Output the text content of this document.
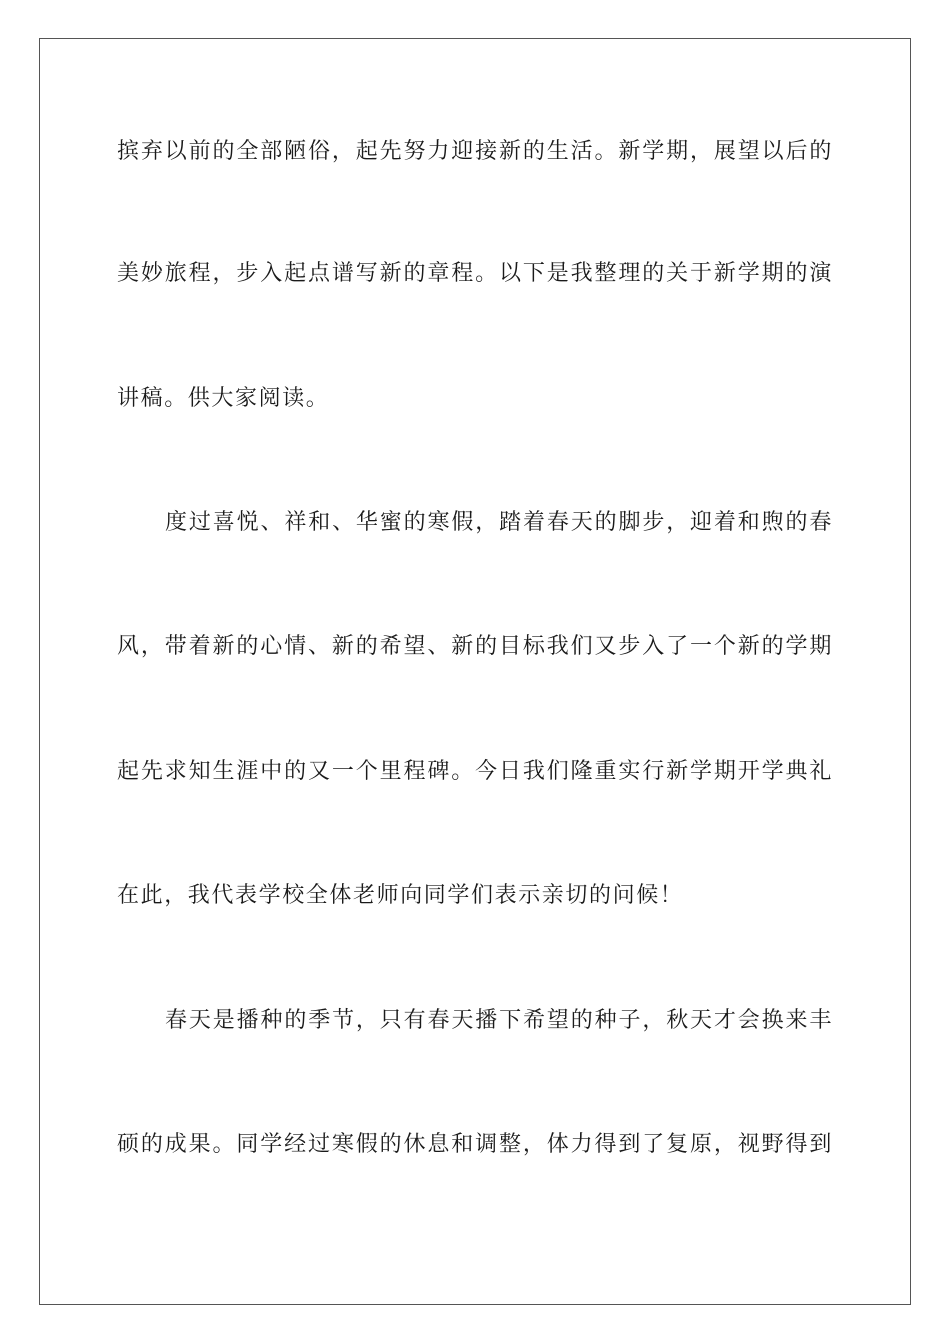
摈弃以前的全部陋俗，起先努力迎接新的生活。新学期，展望以后的
美妙旅程，步入起点谱写新的章程。以下是我整理的关于新学期的演
讲稿。供大家阅读。
度过喜悦、祥和、华蜜的寒假，踏着春天的脚步，迎着和煦的春
风，带着新的心情、新的希望、新的目标我们又步入了一个新的学期
起先求知生涯中的又一个里程碑。今日我们隆重实行新学期开学典礼
在此，我代表学校全体老师向同学们表示亲切的问候！
春天是播种的季节，只有春天播下希望的种子，秋天才会换来丰
硕的成果。同学经过寒假的休息和调整，体力得到了复原，视野得到
